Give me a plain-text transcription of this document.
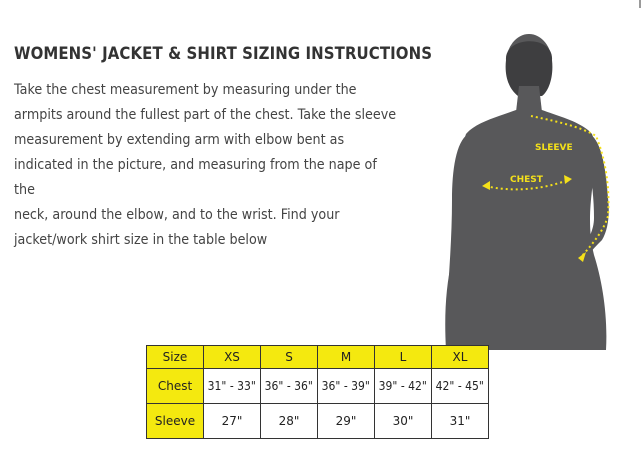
WOMENS' JACKET & SHIRT SIZING INSTRUCTIONS
Take the chest measurement by measuring under the
armpits around the fullest part of the chest. Take the sleeve
measurement by extending arm with elbow bent as
indicated in the picture, and measuring from the nape of the
neck, around the elbow, and to the wrist. Find your
jacket/work shirt size in the table below
SLEEVE
CHEST
Size	XS	S	M	L	XL
Chest	31" - 33"	36" - 36"	36" - 39"	39" - 42"	42" - 45"
Sleeve	27"	28"	29"	30"	31"
